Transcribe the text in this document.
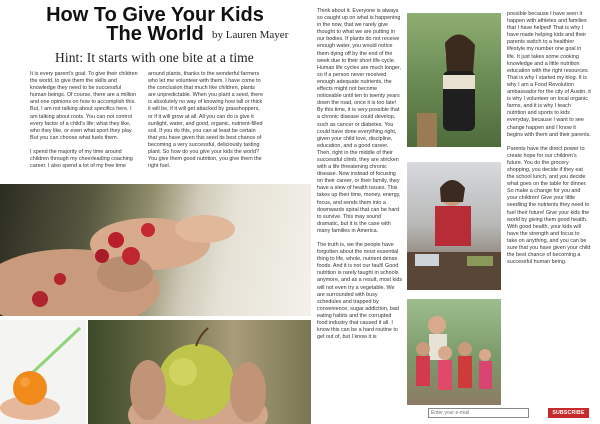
How To Give Your Kids The World by Lauren Mayer
Hint: It starts with one bite at a time

It is every parent's goal. To give their children the world, to give them the skills and knowledge they need to be successful human beings. Of course, there are a million and one opinions on how to accomplish this. But, I am not talking about specifics here, I am talking about roots. You can not control every factor of a child's life; what they like, who they like, or even what sport they play. But you can choose what fuels them.

I spend the majority of my time around children through my cheerleading coaching career. I also spend a lot of my free time

around plants, thanks to the wonderful farmers who let me volunteer with them. I have come to the conclusion that much like children, plants are unpredictable. When you plant a seed, there is absolutely no way of knowing how tall or thick it will be, if it will get attacked by grasshoppers, or if it will grow at all. All you can do is give it sunlight, water, and good, organic, nutrient-filled soil. If you do this, you can at least be certain that you have given this seed its best chance of becoming a very successful, deliciously tasting plant. So how do you give your kids the world? You give them good nutrition, you give them the right fuel.

Think about it. Everyone is always so caught up on what is happening in the now, that we rarely give thought to what we are putting in our bodies. If plants do not receive enough water, you would notice them dying off by the end of the week due to their short life cycle. Human life cycles are much longer, so if a person never received enough adequate nutrients, the effects might not become noticeable until ten to twenty years down the road, once it is too late! By this time, it is very possible that a chronic disease could develop, such as cancer or diabetes. You could have done everything right, given your child love, discipline, education, and a good career. Then, right in the middle of their successful climb, they are stricken with a life threatening chronic disease. Now instead of focusing on their career, or their family, they have a slew of health issues. This takes up their time, money, energy, focus, and sends them into a downwards spiral that can be hard to survive. This may sound dramatic, but it is the case with many families in America.

The truth is, we the people have forgotten about the most essential thing to life, whole, nutrient dense foods. And it is not our fault! Good nutrition is rarely taught in schools anymore, and as a result, most kids will not even try a vegetable. We are surrounded with busy schedules and trapped by convenience, sugar addiction, bad eating habits and the corrupted food industry that caused it all. I know this can be a hard routine to get out of, but I know it is

possible because I have seen it happen with athletes and families that I have helped! That is why I have made helping kids and their parents switch to a healthier lifestyle my number one goal in life. It just takes some cooking knowledge and a little nutrition education with the right resources. That is why I started my blog. It is why I am a Food Revolution ambassador for the city of Austin, it is why I volunteer on local organic farms, and it is why I teach nutrition and sports to kids everyday, because I want to see change happen and I know it begins with them and their parents.

Parents have the direct power to create hope for our children's future. You do the grocery shopping, you decide if they eat the school lunch, and you decide what goes on the table for dinner. So make a change for you and your children! Give your little seedling the nutrients they need to fuel their future! Give your kids the world by giving them good health. With good health, your kids will have the strength and focus to take on anything, and you can be sure that you have given your child the best chance of becoming a successful human being.

Enter your e-mail
SUBSCRIBE
